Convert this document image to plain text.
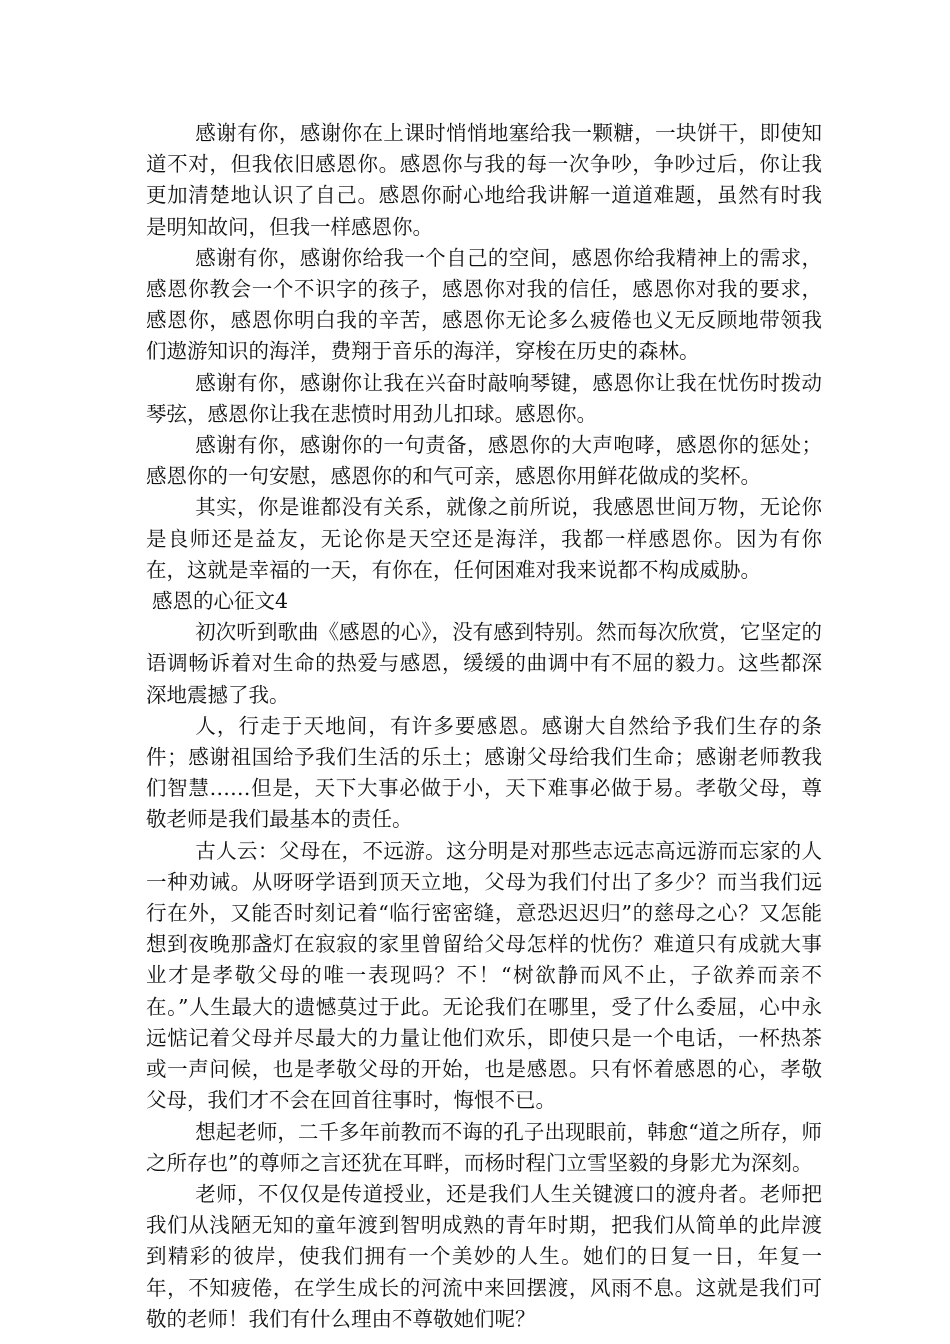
感谢有你，感谢你在上课时悄悄地塞给我一颗糖，一块饼干，即使知道不对，但我依旧感恩你。感恩你与我的每一次争吵，争吵过后，你让我更加清楚地认识了自己。感恩你耐心地给我讲解一道道难题，虽然有时我是明知故问，但我一样感恩你。

感谢有你，感谢你给我一个自己的空间，感恩你给我精神上的需求，感恩你教会一个不识字的孩子，感恩你对我的信任，感恩你对我的要求，感恩你，感恩你明白我的辛苦，感恩你无论多么疲倦也义无反顾地带领我们遨游知识的海洋，费翔于音乐的海洋，穿梭在历史的森林。

感谢有你，感谢你让我在兴奋时敲响琴键，感恩你让我在忧伤时拨动琴弦，感恩你让我在悲愤时用劲儿扣球。感恩你。

感谢有你，感谢你的一句责备，感恩你的大声咆哮，感恩你的惩处；感恩你的一句安慰，感恩你的和气可亲，感恩你用鲜花做成的奖杯。

其实，你是谁都没有关系，就像之前所说，我感恩世间万物，无论你是良师还是益友，无论你是天空还是海洋，我都一样感恩你。因为有你在，这就是幸福的一天，有你在，任何困难对我来说都不构成威胁。

感恩的心征文4

初次听到歌曲《感恩的心》，没有感到特别。然而每次欣赏，它坚定的语调畅诉着对生命的热爱与感恩，缓缓的曲调中有不屈的毅力。这些都深深地震撼了我。

人，行走于天地间，有许多要感恩。感谢大自然给予我们生存的条件；感谢祖国给予我们生活的乐土；感谢父母给我们生命；感谢老师教我们智慧……但是，天下大事必做于小，天下难事必做于易。孝敬父母，尊敬老师是我们最基本的责任。

古人云：父母在，不远游。这分明是对那些志远志高远游而忘家的人一种劝诫。从呀呀学语到顶天立地，父母为我们付出了多少？而当我们远行在外，又能否时刻记着“临行密密缝，意恐迟迟归”的慈母之心？又怎能想到夜晚那盏灯在寂寂的家里曾留给父母怎样的忧伤？难道只有成就大事业才是孝敬父母的唯一表现吗？不！“树欲静而风不止，子欲养而亲不在。”人生最大的遗憾莫过于此。无论我们在哪里，受了什么委屈，心中永远惦记着父母并尽最大的力量让他们欢乐，即使只是一个电话，一杯热茶或一声问候，也是孝敬父母的开始，也是感恩。只有怀着感恩的心，孝敬父母，我们才不会在回首往事时，悔恨不已。

想起老师，二千多年前教而不诲的孔子出现眼前，韩愈“道之所存，师之所存也”的尊师之言还犹在耳畔，而杨时程门立雪坚毅的身影尤为深刻。

老师，不仅仅是传道授业，还是我们人生关键渡口的渡舟者。老师把我们从浅陋无知的童年渡到智明成熟的青年时期，把我们从简单的此岸渡到精彩的彼岸，使我们拥有一个美妙的人生。她们的日复一日，年复一年，不知疲倦，在学生成长的河流中来回摆渡，风雨不息。这就是我们可敬的老师！我们有什么理由不尊敬她们呢？
